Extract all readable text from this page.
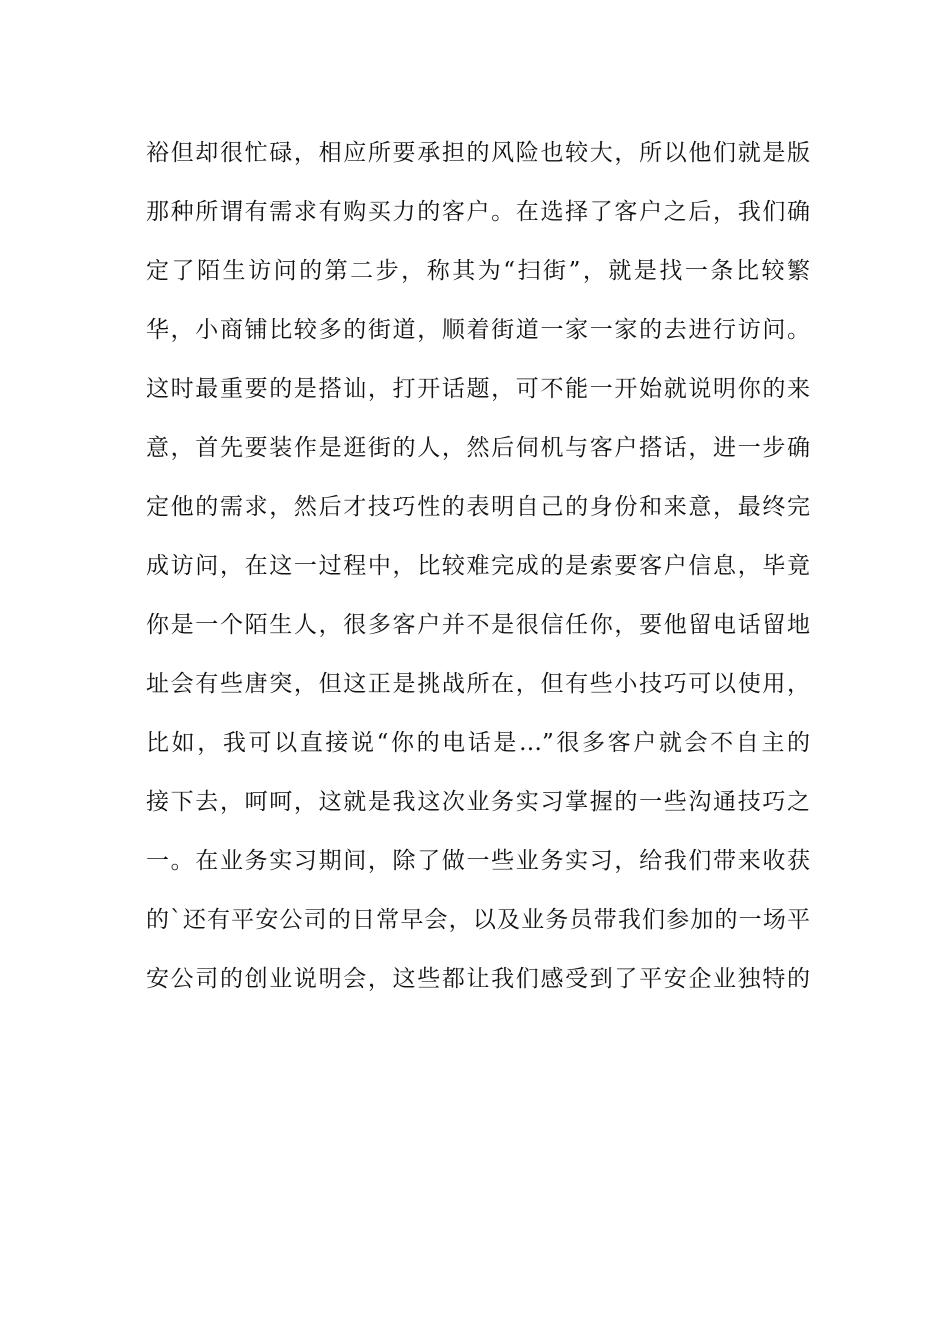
裕但却很忙碌，相应所要承担的风险也较大，所以他们就是版
那种所谓有需求有购买力的客户。在选择了客户之后，我们确
定了陌生访问的第二步，称其为“扫街”，就是找一条比较繁
华，小商铺比较多的街道，顺着街道一家一家的去进行访问。
这时最重要的是搭讪，打开话题，可不能一开始就说明你的来
意，首先要装作是逛街的人，然后伺机与客户搭话，进一步确
定他的需求，然后才技巧性的表明自己的身份和来意，最终完
成访问，在这一过程中，比较难完成的是索要客户信息，毕竟
你是一个陌生人，很多客户并不是很信任你，要他留电话留地
址会有些唐突，但这正是挑战所在，但有些小技巧可以使用，
比如，我可以直接说“你的电话是…”很多客户就会不自主的
接下去，呵呵，这就是我这次业务实习掌握的一些沟通技巧之
一。在业务实习期间，除了做一些业务实习，给我们带来收获
的`还有平安公司的日常早会，以及业务员带我们参加的一场平
安公司的创业说明会，这些都让我们感受到了平安企业独特的
